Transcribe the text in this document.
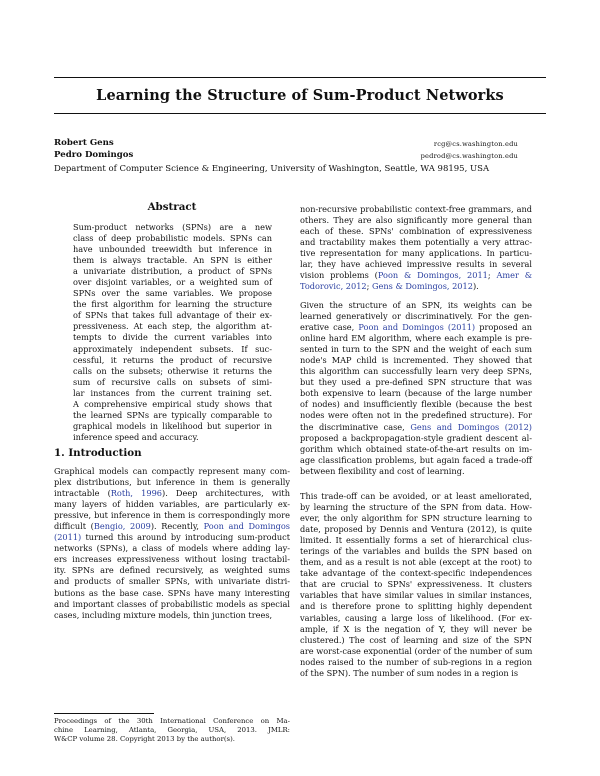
Learning the Structure of Sum-Product Networks
Robert Gens	rcg@cs.washington.edu
Pedro Domingos	pedrod@cs.washington.edu
Department of Computer Science & Engineering, University of Washington, Seattle, WA 98195, USA
Abstract
Sum-product networks (SPNs) are a new
class of deep probabilistic models. SPNs can
have unbounded treewidth but inference in
them is always tractable. An SPN is either
a univariate distribution, a product of SPNs
over disjoint variables, or a weighted sum of
SPNs over the same variables. We propose
the first algorithm for learning the structure
of SPNs that takes full advantage of their ex-
pressiveness. At each step, the algorithm at-
tempts to divide the current variables into
approximately independent subsets. If suc-
cessful, it returns the product of recursive
calls on the subsets; otherwise it returns the
sum of recursive calls on subsets of simi-
lar instances from the current training set.
A comprehensive empirical study shows that
the learned SPNs are typically comparable to
graphical models in likelihood but superior in
inference speed and accuracy.
1. Introduction
Graphical models can compactly represent many com-
plex distributions, but inference in them is generally
intractable (Roth, 1996). Deep architectures, with
many layers of hidden variables, are particularly ex-
pressive, but inference in them is correspondingly more
difficult (Bengio, 2009). Recently, Poon and Domingos
(2011) turned this around by introducing sum-product
networks (SPNs), a class of models where adding lay-
ers increases expressiveness without losing tractabil-
ity. SPNs are defined recursively, as weighted sums
and products of smaller SPNs, with univariate distri-
butions as the base case. SPNs have many interesting
and important classes of probabilistic models as special
cases, including mixture models, thin junction trees,
Proceedings of the 30th International Conference on Ma-
chine Learning, Atlanta, Georgia, USA, 2013. JMLR:
W&CP volume 28. Copyright 2013 by the author(s).
non-recursive probabilistic context-free grammars, and
others. They are also significantly more general than
each of these. SPNs' combination of expressiveness
and tractability makes them potentially a very attrac-
tive representation for many applications. In particu-
lar, they have achieved impressive results in several
vision problems (Poon & Domingos, 2011; Amer &
Todorovic, 2012; Gens & Domingos, 2012).
Given the structure of an SPN, its weights can be
learned generatively or discriminatively. For the gen-
erative case, Poon and Domingos (2011) proposed an
online hard EM algorithm, where each example is pre-
sented in turn to the SPN and the weight of each sum
node's MAP child is incremented. They showed that
this algorithm can successfully learn very deep SPNs,
but they used a pre-defined SPN structure that was
both expensive to learn (because of the large number
of nodes) and insufficiently flexible (because the best
nodes were often not in the predefined structure). For
the discriminative case, Gens and Domingos (2012)
proposed a backpropagation-style gradient descent al-
gorithm which obtained state-of-the-art results on im-
age classification problems, but again faced a trade-off
between flexibility and cost of learning.
This trade-off can be avoided, or at least ameliorated,
by learning the structure of the SPN from data. How-
ever, the only algorithm for SPN structure learning to
date, proposed by Dennis and Ventura (2012), is quite
limited. It essentially forms a set of hierarchical clus-
terings of the variables and builds the SPN based on
them, and as a result is not able (except at the root) to
take advantage of the context-specific independences
that are crucial to SPNs' expressiveness. It clusters
variables that have similar values in similar instances,
and is therefore prone to splitting highly dependent
variables, causing a large loss of likelihood. (For ex-
ample, if X is the negation of Y, they will never be
clustered.) The cost of learning and size of the SPN
are worst-case exponential (order of the number of sum
nodes raised to the number of sub-regions in a region
of the SPN). The number of sum nodes in a region is
